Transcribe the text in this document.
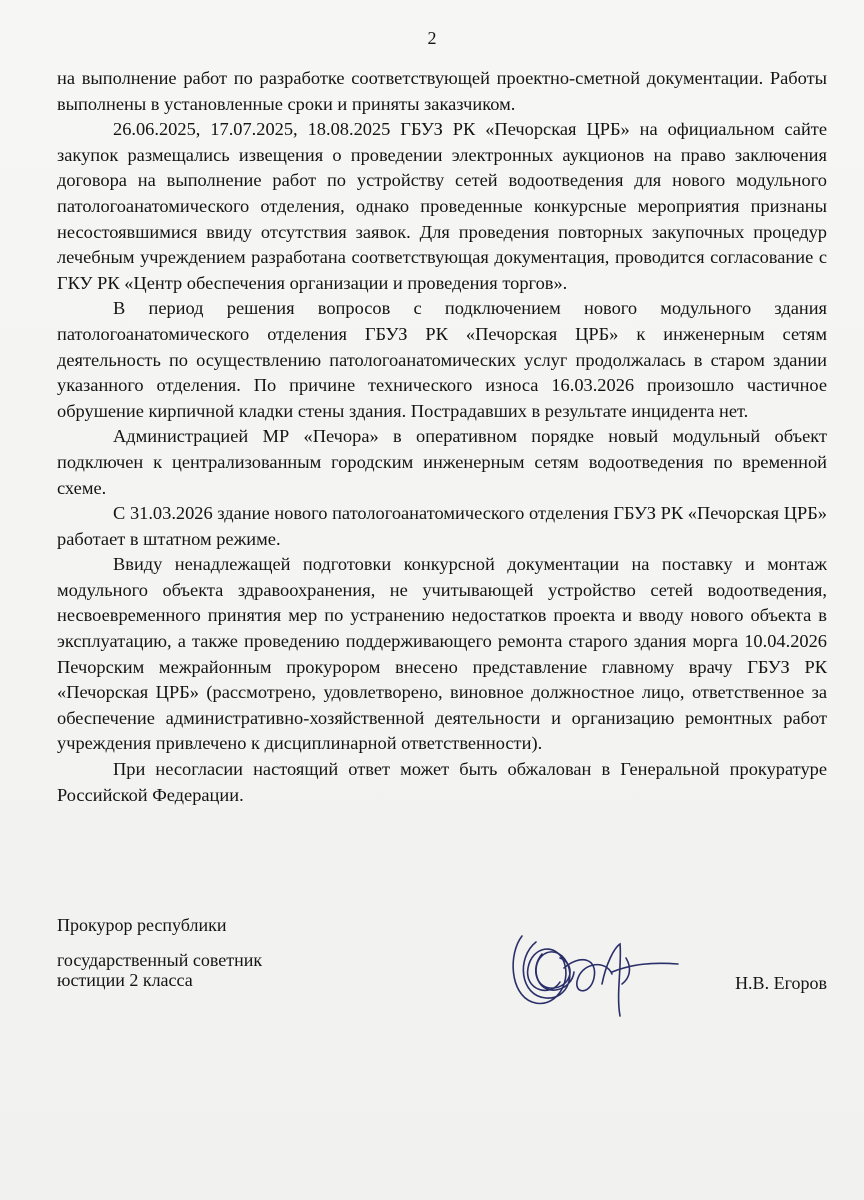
2

на выполнение работ по разработке соответствующей проектно-сметной документации. Работы выполнены в установленные сроки и приняты заказчиком.

26.06.2025, 17.07.2025, 18.08.2025 ГБУЗ РК «Печорская ЦРБ» на официальном сайте закупок размещались извещения о проведении электронных аукционов на право заключения договора на выполнение работ по устройству сетей водоотведения для нового модульного патологоанатомического отделения, однако проведенные конкурсные мероприятия признаны несостоявшимися ввиду отсутствия заявок. Для проведения повторных закупочных процедур лечебным учреждением разработана соответствующая документация, проводится согласование с ГКУ РК «Центр обеспечения организации и проведения торгов».

В период решения вопросов с подключением нового модульного здания патологоанатомического отделения ГБУЗ РК «Печорская ЦРБ» к инженерным сетям деятельность по осуществлению патологоанатомических услуг продолжалась в старом здании указанного отделения. По причине технического износа 16.03.2026 произошло частичное обрушение кирпичной кладки стены здания. Пострадавших в результате инцидента нет.

Администрацией МР «Печора» в оперативном порядке новый модульный объект подключен к централизованным городским инженерным сетям водоотведения по временной схеме.

С 31.03.2026 здание нового патологоанатомического отделения ГБУЗ РК «Печорская ЦРБ» работает в штатном режиме.

Ввиду ненадлежащей подготовки конкурсной документации на поставку и монтаж модульного объекта здравоохранения, не учитывающей устройство сетей водоотведения, несвоевременного принятия мер по устранению недостатков проекта и вводу нового объекта в эксплуатацию, а также проведению поддерживающего ремонта старого здания морга 10.04.2026 Печорским межрайонным прокурором внесено представление главному врачу ГБУЗ РК «Печорская ЦРБ» (рассмотрено, удовлетворено, виновное должностное лицо, ответственное за обеспечение административно-хозяйственной деятельности и организацию ремонтных работ учреждения привлечено к дисциплинарной ответственности).

При несогласии настоящий ответ может быть обжалован в Генеральной прокуратуре Российской Федерации.

Прокурор республики
государственный советник
юстиции 2 класса	Н.В. Егоров
